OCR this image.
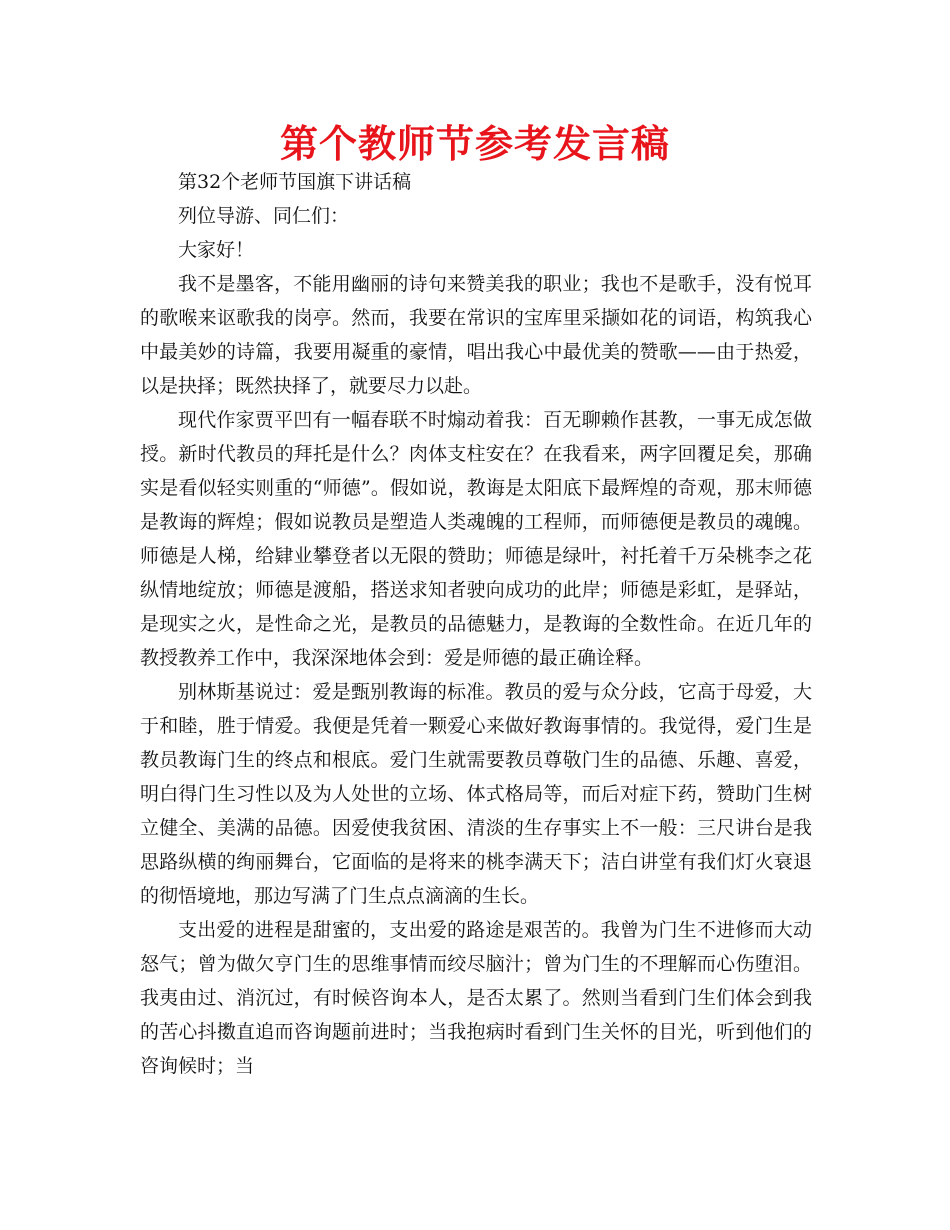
第个教师节参考发言稿

第32个老师节国旗下讲话稿

列位导游、同仁们：

大家好！

我不是墨客，不能用幽丽的诗句来赞美我的职业；我也不是歌手，没有悦耳的歌喉来讴歌我的岗亭。然而，我要在常识的宝库里采撷如花的词语，构筑我心中最美妙的诗篇，我要用凝重的豪情，唱出我心中最优美的赞歌——由于热爱，以是抉择；既然抉择了，就要尽力以赴。

现代作家贾平凹有一幅春联不时煽动着我：百无聊赖作甚教，一事无成怎做授。新时代教员的拜托是什么？肉体支柱安在？在我看来，两字回覆足矣，那确实是看似轻实则重的“师德”。假如说，教诲是太阳底下最辉煌的奇观，那末师德是教诲的辉煌；假如说教员是塑造人类魂魄的工程师，而师德便是教员的魂魄。师德是人梯，给肄业攀登者以无限的赞助；师德是绿叶，衬托着千万朵桃李之花纵情地绽放；师德是渡船，搭送求知者驶向成功的此岸；师德是彩虹，是驿站，是现实之火，是性命之光，是教员的品德魅力，是教诲的全数性命。在近几年的教授教养工作中，我深深地体会到：爱是师德的最正确诠释。

别林斯基说过：爱是甄别教诲的标准。教员的爱与众分歧，它高于母爱，大于和睦，胜于情爱。我便是凭着一颗爱心来做好教诲事情的。我觉得，爱门生是教员教诲门生的终点和根底。爱门生就需要教员尊敬门生的品德、乐趣、喜爱，明白得门生习性以及为人处世的立场、体式格局等，而后对症下药，赞助门生树立健全、美满的品德。因爱使我贫困、清淡的生存事实上不一般：三尺讲台是我思路纵横的绚丽舞台，它面临的是将来的桃李满天下；洁白讲堂有我们灯火衰退的彻悟境地，那边写满了门生点点滴滴的生长。

支出爱的进程是甜蜜的，支出爱的路途是艰苦的。我曾为门生不进修而大动怒气；曾为做欠亨门生的思维事情而绞尽脑汁；曾为门生的不理解而心伤堕泪。我夷由过、消沉过，有时候咨询本人，是否太累了。然则当看到门生们体会到我的苦心抖擞直追而咨询题前进时；当我抱病时看到门生关怀的目光，听到他们的咨询候时；当
